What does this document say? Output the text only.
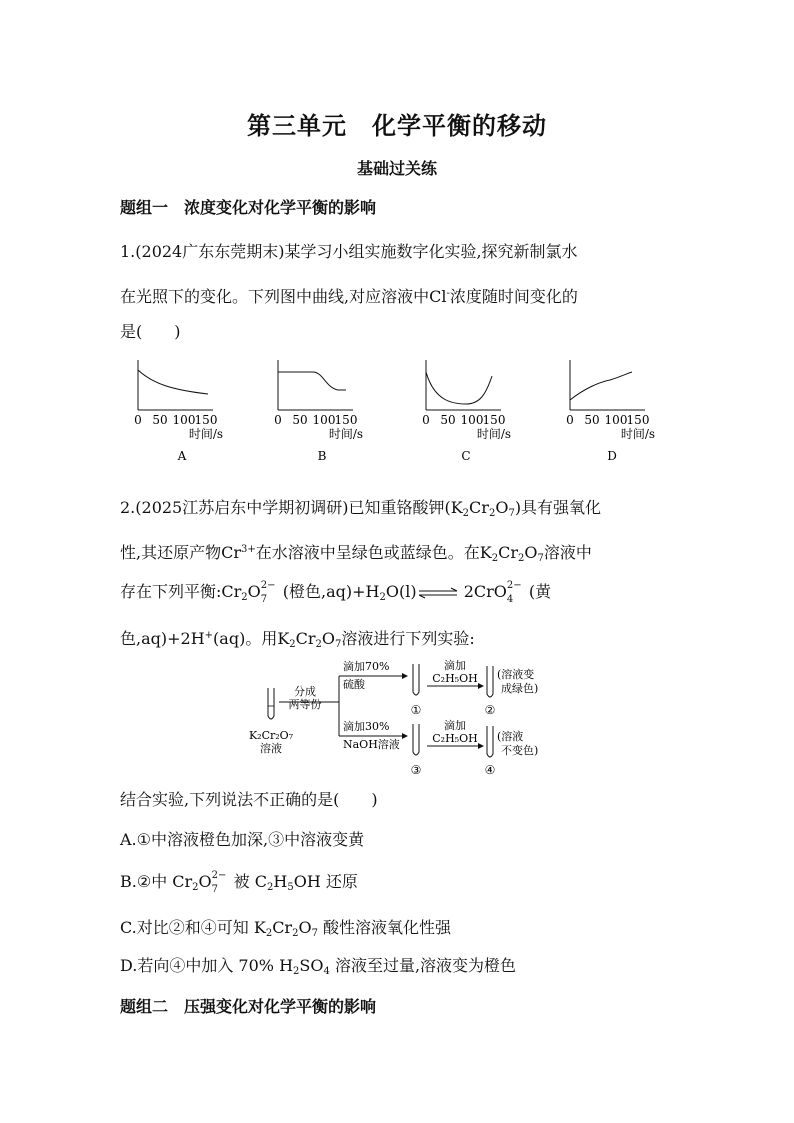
第三单元　化学平衡的移动
基础过关练
题组一　浓度变化对化学平衡的影响
1.(2024广东东莞期末)某学习小组实施数字化实验,探究新制氯水
在光照下的变化。下列图中曲线,对应溶液中Cl-浓度随时间变化的
是(　　)
0 50 100 150
时间/s
A
0 50 100 150
时间/s
B
0 50 100 150
时间/s
C
0 50 100 150
时间/s
D
2.(2025江苏启东中学期初调研)已知重铬酸钾$(K_2Cr_2O_7)$具有强氧化
性,其还原产物$Cr^{3+}$在水溶液中呈绿色或蓝绿色。在$K_2Cr_2O_7$溶液中
存在下列平衡$:Cr_2O$ 2−
7 (橙色$,aq)+H_2O(l)\rightleftharpoons$ 2CrO 2−
4 (黄
色,aq)+2H+(aq)。用$K_2Cr_2O_7$溶液进行下列实验:
K₂Cr₂O₇
溶液
分成
两等份
滴加70%
硫酸
滴加30%
NaOH溶液
①
③
滴加
C₂H₅OH
滴加
C₂H₅OH
②
(溶液变
成绿色)
④
(溶液
不变色)
结合实验,下列说法不正确的是(　　)
A.①中溶液橙色加深,③中溶液变黄
B.②中 $Cr_2O$ 2−
7 被 $C_2H_5OH$ 还原
C.对比②和④可知 $K_2Cr_2O_7$ 酸性溶液氧化性强
D.若向④中加入 70% $H_2SO_4$ 溶液至过量,溶液变为橙色
题组二　压强变化对化学平衡的影响
